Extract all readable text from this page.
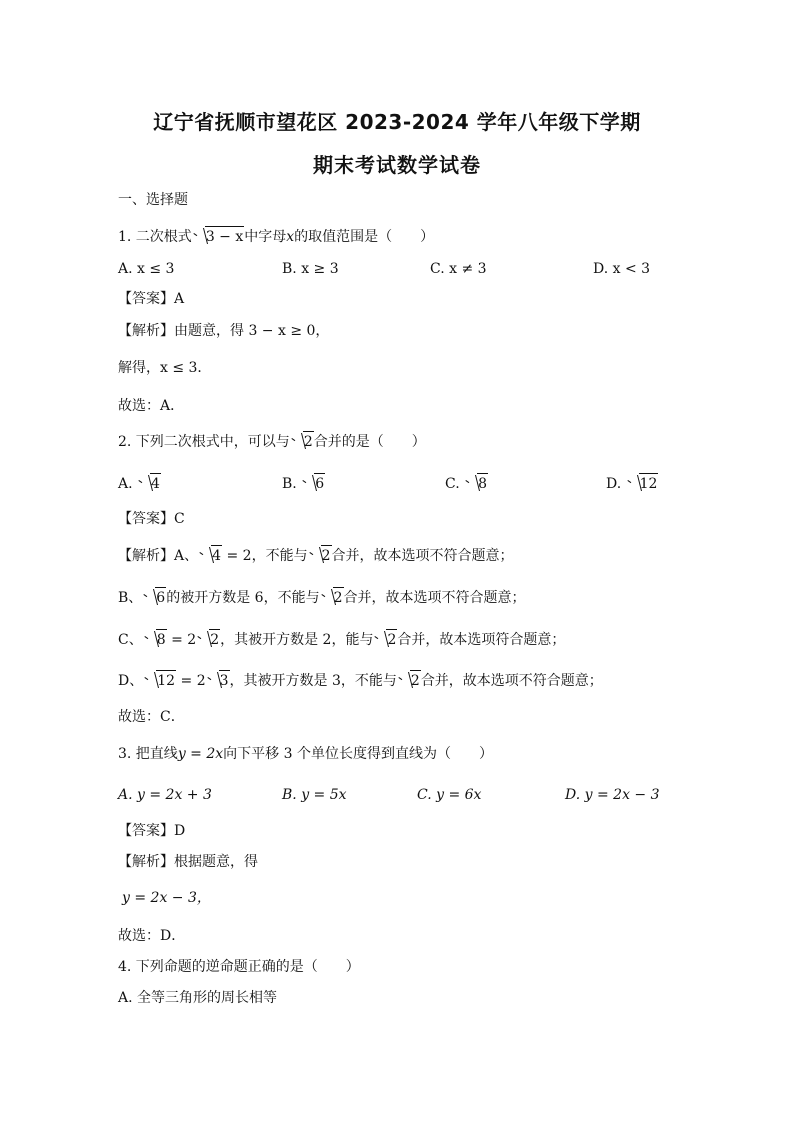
辽宁省抚顺市望花区 2023-2024 学年八年级下学期
期末考试数学试卷
一、选择题
1. 二次根式 3 − x中字母x的取值范围是（　　）
A. x ≤ 3	B. x ≥ 3	C. x ≠ 3	D. x < 3
【答案】A
【解析】由题意，得 3 − x ≥ 0，
解得，x ≤ 3．
故选：A．
2. 下列二次根式中，可以与 2合并的是（　　）
A. 4	B. 6	C. 8	D. 12
【答案】C
【解析】A、 4 = 2，不能与 2合并，故本选项不符合题意；
B、 6的被开方数是 6，不能与 2合并，故本选项不符合题意；
C、 8 = 2 2，其被开方数是 2，能与 2合并，故本选项符合题意；
D、 12 = 2 3，其被开方数是 3，不能与 2合并，故本选项不符合题意；
故选：C．
3. 把直线y = 2x向下平移 3 个单位长度得到直线为（　　）
A. y = 2x + 3	B. y = 5x	C. y = 6x	D. y = 2x − 3
【答案】D
【解析】根据题意，得
y = 2x − 3，
故选：D．
4. 下列命题的逆命题正确的是（　　）
A. 全等三角形的周长相等
